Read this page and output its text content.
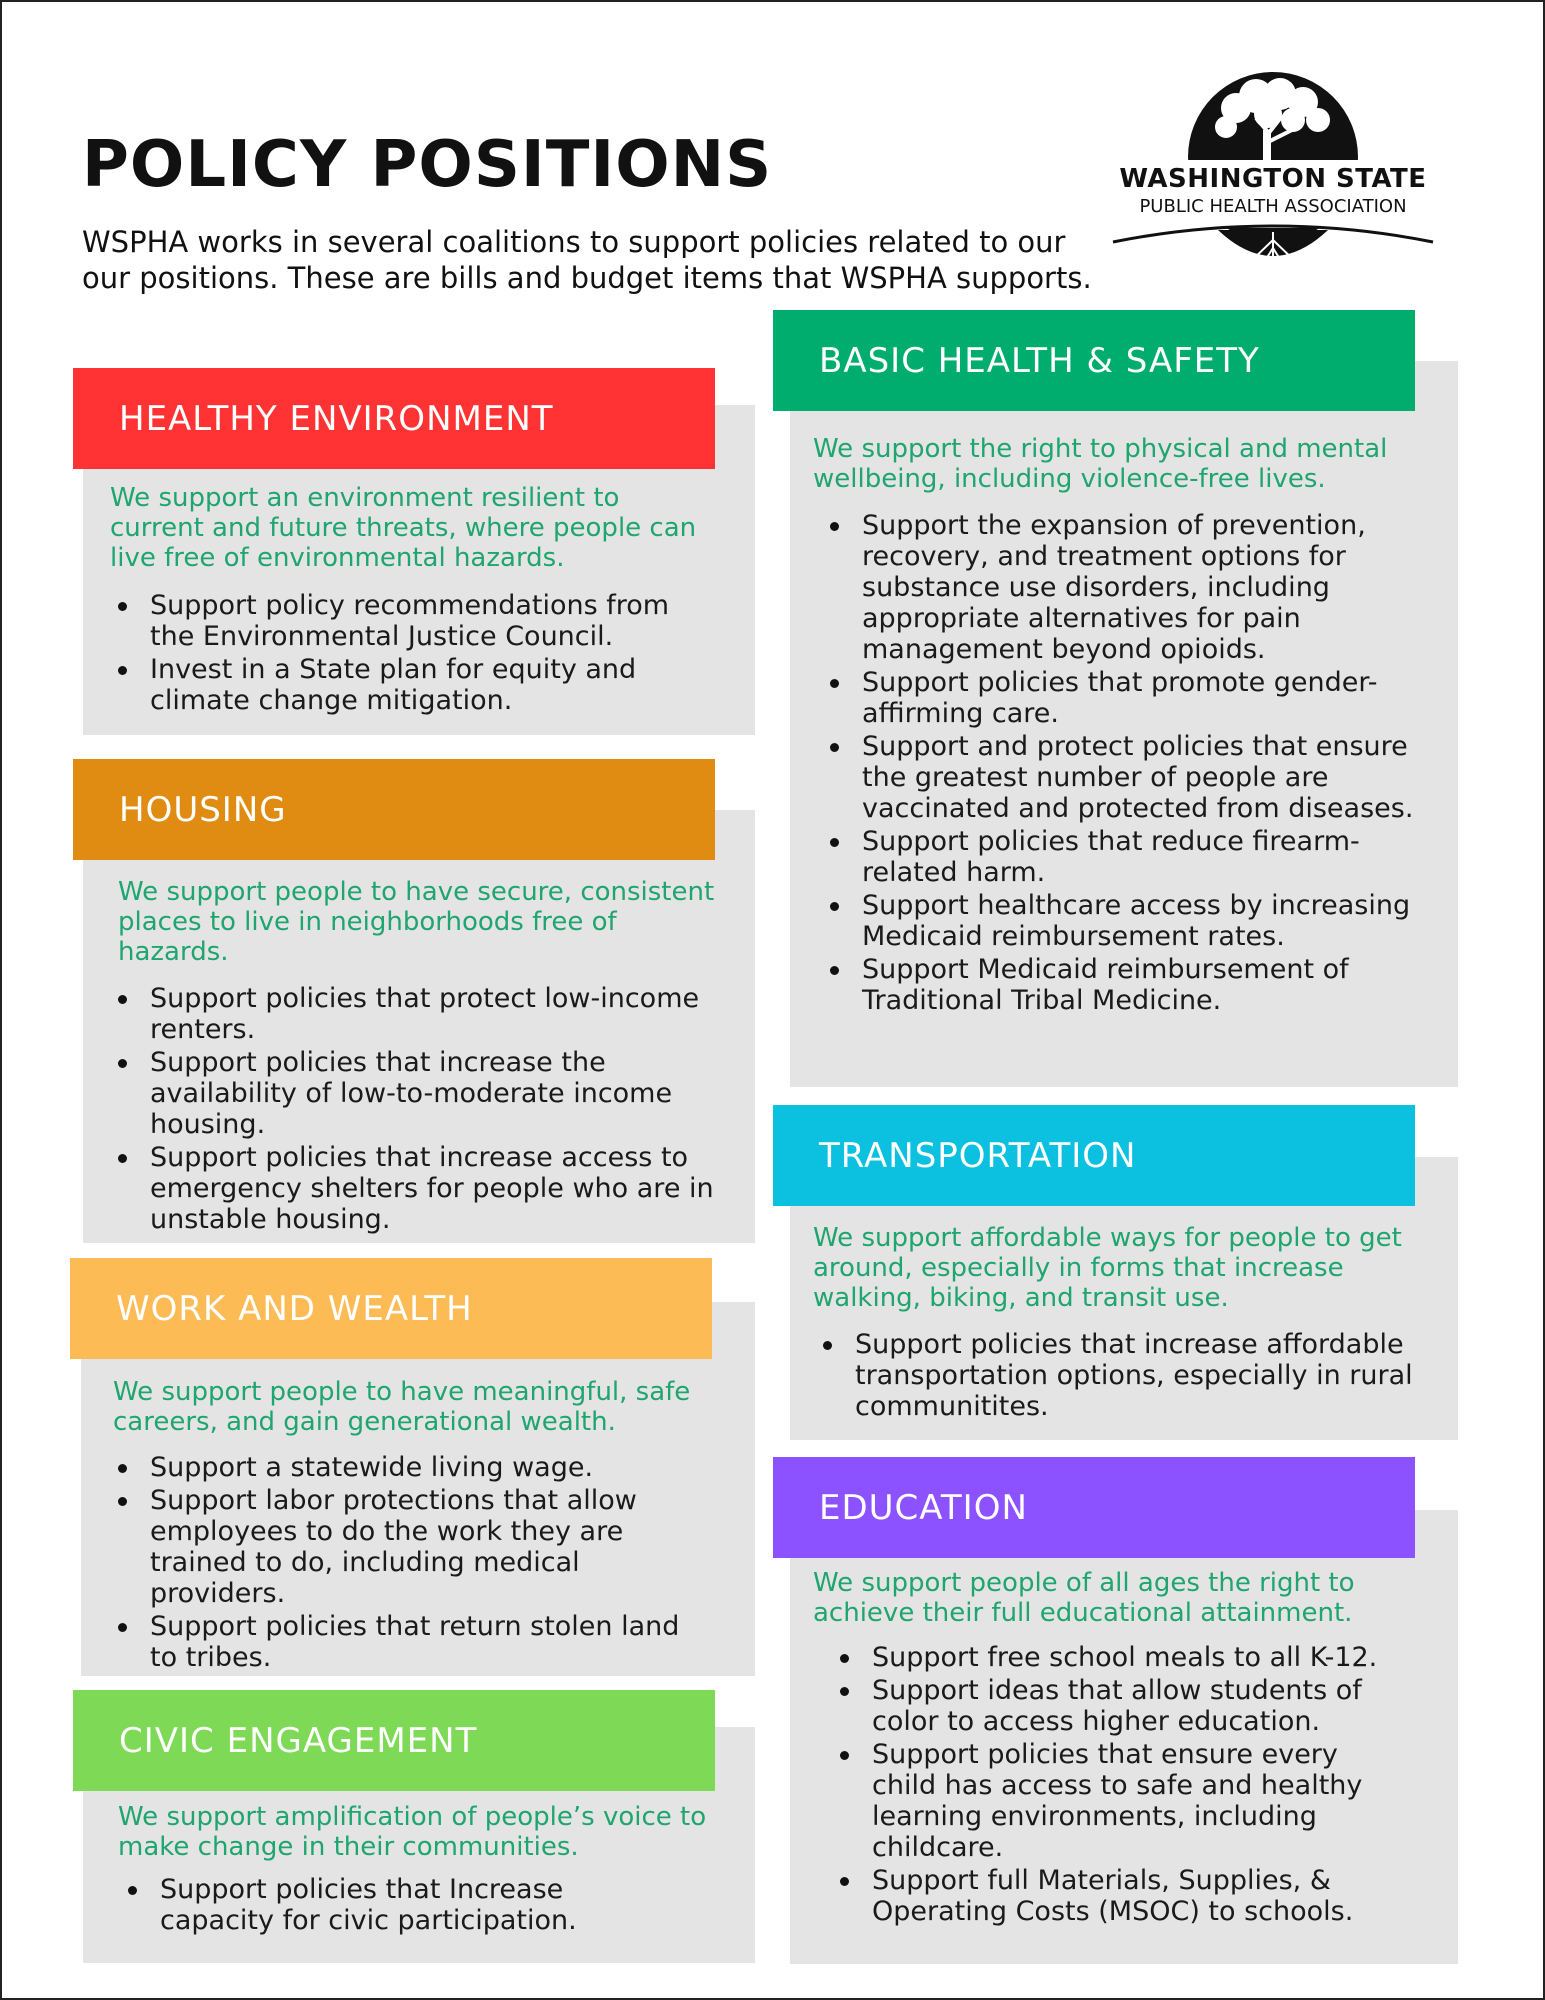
POLICY POSITIONS

WSPHA works in several coalitions to support policies related to our our positions. These are bills and budget items that WSPHA supports.

WASHINGTON STATE
PUBLIC HEALTH ASSOCIATION
HEALTHY ENVIRONMENT

We support an environment resilient to current and future threats, where people can live free of environmental hazards.

Support policy recommendations from the Environmental Justice Council.
Invest in a State plan for equity and climate change mitigation.
HOUSING

We support people to have secure, consistent places to live in neighborhoods free of hazards.

Support policies that protect low-income renters.
Support policies that increase the availability of low-to-moderate income housing.
Support policies that increase access to emergency shelters for people who are in unstable housing.
WORK AND WEALTH

We support people to have meaningful, safe careers, and gain generational wealth.

Support a statewide living wage.
Support labor protections that allow employees to do the work they are trained to do, including medical providers.
Support policies that return stolen land to tribes.
CIVIC ENGAGEMENT

We support amplification of people’s voice to make change in their communities.

Support policies that Increase capacity for civic participation.
BASIC HEALTH & SAFETY

We support the right to physical and mental wellbeing, including violence-free lives.

Support the expansion of prevention, recovery, and treatment options for substance use disorders, including appropriate alternatives for pain management beyond opioids.
Support policies that promote gender-affirming care.
Support and protect policies that ensure the greatest number of people are vaccinated and protected from diseases.
Support policies that reduce firearm-related harm.
Support healthcare access by increasing Medicaid reimbursement rates.
Support Medicaid reimbursement of Traditional Tribal Medicine.
TRANSPORTATION

We support affordable ways for people to get around, especially in forms that increase walking, biking, and transit use.

Support policies that increase affordable transportation options, especially in rural communitites.
EDUCATION

We support people of all ages the right to achieve their full educational attainment.

Support free school meals to all K-12.
Support ideas that allow students of color to access higher education.
Support policies that ensure every child has access to safe and healthy learning environments, including childcare.
Support full Materials, Supplies, & Operating Costs (MSOC) to schools.
